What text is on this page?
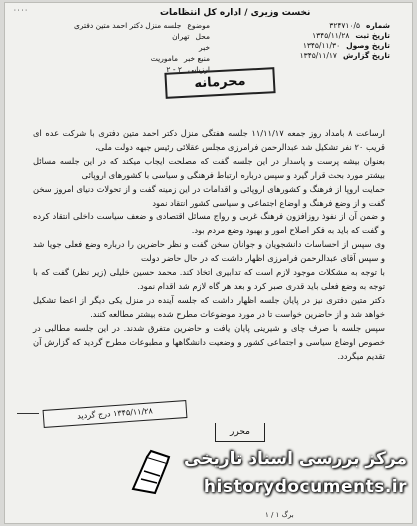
۰۰۰۰	نخست وزیری / اداره کل انتظامات
شماره
۳۲۴۷۱۰/۵
تاریخ ثبت
۱۳۴۵/۱۱/۲۸
تاریخ وصول
۱۳۴۵/۱۱/۳۰
تاریخ گزارش
۱۳۴۵/۱۱/۱۷
موضوع
جلسه منزل دکتر احمد متین دفتری
محل
تهران
خبر
منبع خبر
ماموریت
ارزیابی
۲ - ۲
محرمانه

ارساعت ۸ بامداد روز جمعه ۱۱/۱۱/۱۷ جلسه هفتگی منزل دکتر احمد متین دفتری با شرکت عده ای قریب ۲۰ نفر تشکیل شد عبدالرحمن فرامرزی مجلس عقلائی رئیس جبهه دولت ملی،

بعنوان بیشه پرست و پاسدار در این جلسه گفت که مصلحت ایجاب میکند که در این جلسه مسائل بیشتر مورد بحث قرار گیرد و سپس درباره ارتباط فرهنگی و سیاسی با کشورهای اروپائی

حمایت اروپا از فرهنگ و کشورهای اروپائی و اقدامات در این زمینه گفت و از تحولات دنیای امروز سخن گفت و از وضع فرهنگ و اوضاع اجتماعی و سیاسی کشور انتقاد نمود

و ضمن آن از نفوذ روزافزون فرهنگ غربی و رواج مسائل اقتصادی و ضعف سیاست داخلی انتقاد کرده و گفت که باید به فکر اصلاح امور و بهبود وضع مردم بود.

وی سپس از احساسات دانشجویان و جوانان سخن گفت و نظر حاضرین را درباره وضع فعلی جویا شد و سپس آقای عبدالرحمن فرامرزی اظهار داشت که در حال حاضر دولت

با توجه به مشکلات موجود لازم است که تدابیری اتخاذ کند. محمد حسین خلیلی (زیر نظر) گفت که با توجه به وضع فعلی باید قدری صبر کرد و بعد هر گاه لازم شد اقدام نمود.

دکتر متین دفتری نیز در پایان جلسه اظهار داشت که جلسه آینده در منزل یکی دیگر از اعضا تشکیل خواهد شد و از حاضرین خواست تا در مورد موضوعات مطرح شده بیشتر مطالعه کنند.

سپس جلسه با صرف چای و شیرینی پایان یافت و حاضرین متفرق شدند. در این جلسه مطالبی در خصوص اوضاع سیاسی و اجتماعی کشور و وضعیت دانشگاهها و مطبوعات مطرح گردید که گزارش آن تقدیم میگردد.

۱۳۴۵/۱۱/۲۸ درج گردید
محرر
برگ ۱ / ۱
مرکز بررسی اسناد تاریخی
historydocuments.ir
